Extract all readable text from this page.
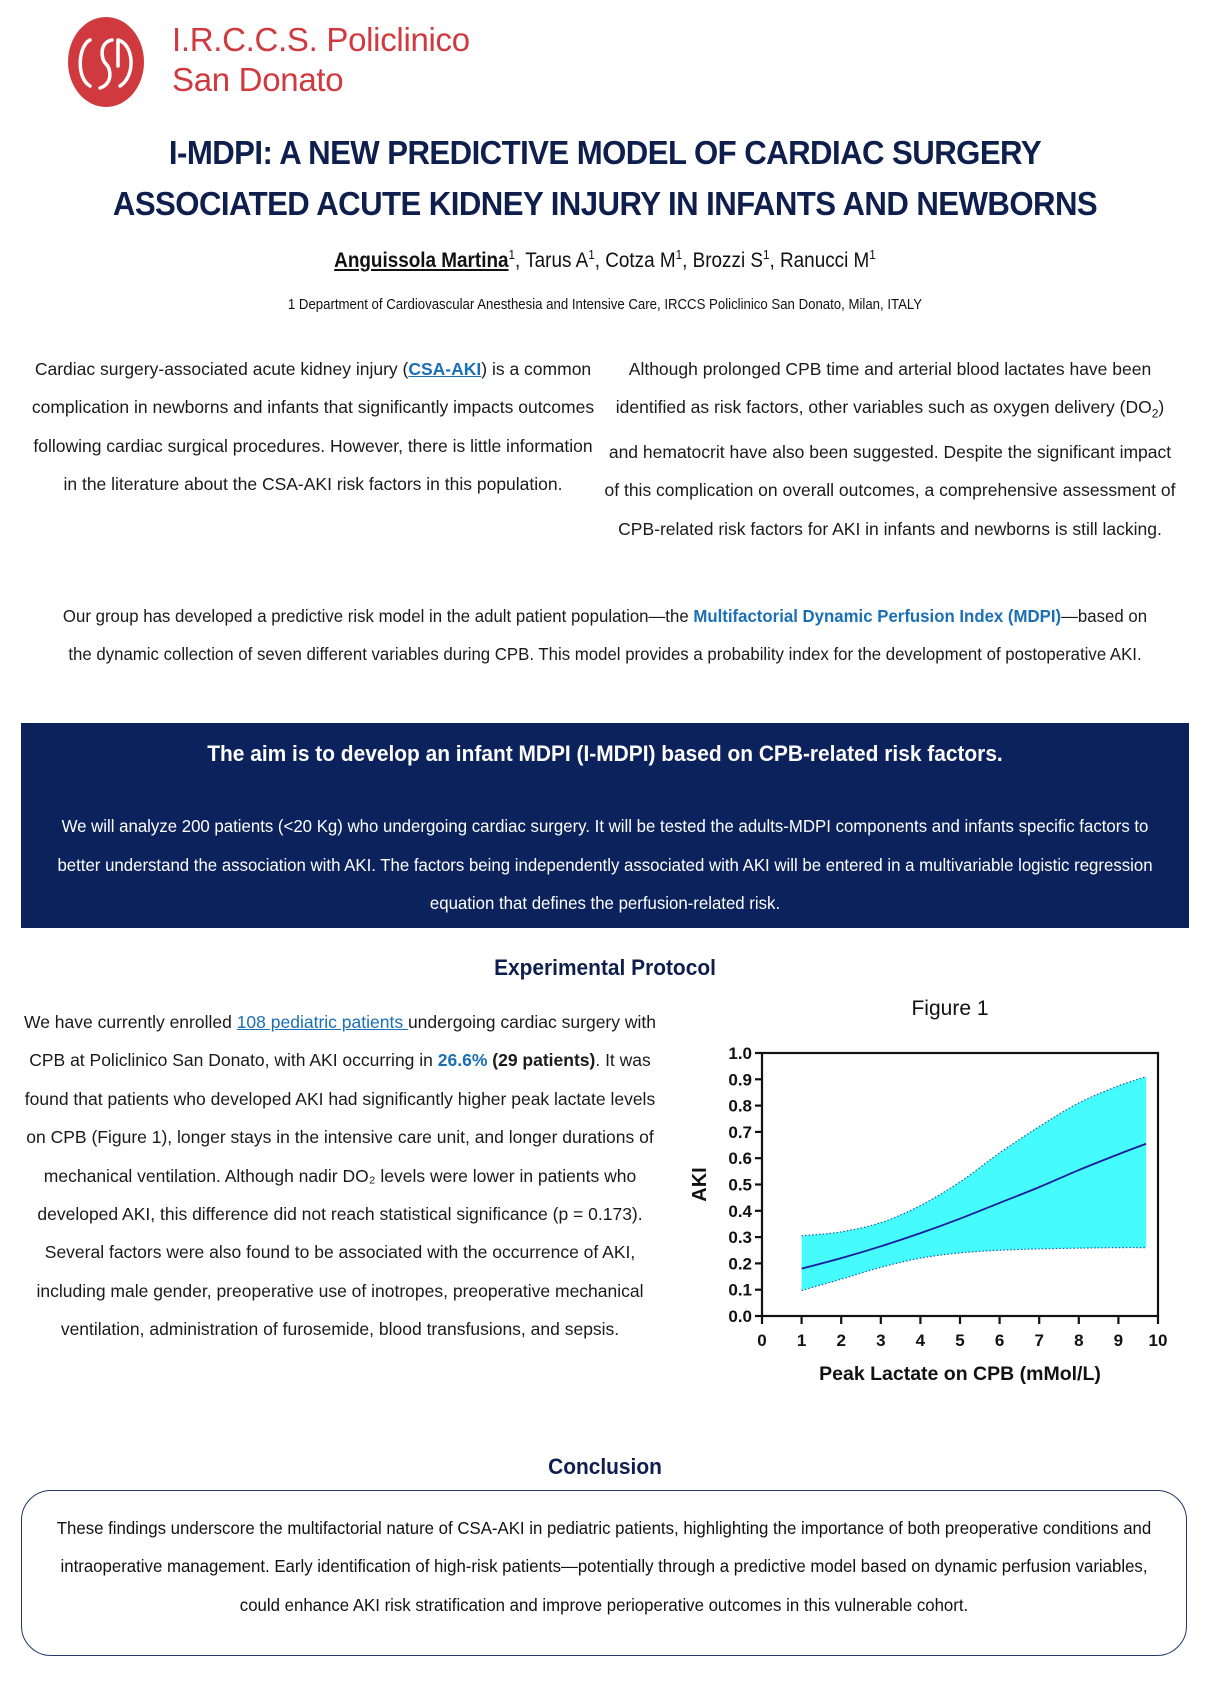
I.R.C.C.S. Policlinico
San Donato
I-MDPI: A NEW PREDICTIVE MODEL OF CARDIAC SURGERY
ASSOCIATED ACUTE KIDNEY INJURY IN INFANTS AND NEWBORNS
Anguissola Martina$^1$, Tarus $A^1$, Cotza $M^1$, Brozzi $S^1$, Ranucci $M^1$
1 Department of Cardiovascular Anesthesia and Intensive Care, IRCCS Policlinico San Donato, Milan, ITALY
Cardiac surgery-associated acute kidney injury (CSA-AKI) is a common complication in newborns and infants that significantly impacts outcomes following cardiac surgical procedures. However, there is little information in the literature about the CSA-AKI risk factors in this population.
Although prolonged CPB time and arterial blood lactates have been identified as risk factors, other variables such as oxygen delivery $(DO_2)$ and hematocrit have also been suggested. Despite the significant impact of this complication on overall outcomes, a comprehensive assessment of CPB-related risk factors for AKI in infants and newborns is still lacking.
Our group has developed a predictive risk model in the adult patient population—the Multifactorial Dynamic Perfusion Index (MDPI)—based on the dynamic collection of seven different variables during CPB. This model provides a probability index for the development of postoperative AKI.
The aim is to develop an infant MDPI (I-MDPI) based on CPB-related risk factors.
We will analyze 200 patients (<20 Kg) who undergoing cardiac surgery. It will be tested the adults-MDPI components and infants specific factors to better understand the association with AKI. The factors being independently associated with AKI will be entered in a multivariable logistic regression equation that defines the perfusion-related risk.
Experimental Protocol
We have currently enrolled 108 pediatric patients undergoing cardiac surgery with CPB at Policlinico San Donato, with AKI occurring in 26.6% (29 patients). It was found that patients who developed AKI had significantly higher peak lactate levels on CPB (Figure 1), longer stays in the intensive care unit, and longer durations of mechanical ventilation. Although nadir DO₂ levels were lower in patients who developed AKI, this difference did not reach statistical significance (p = 0.173). Several factors were also found to be associated with the occurrence of AKI, including male gender, preoperative use of inotropes, preoperative mechanical ventilation, administration of furosemide, blood transfusions, and sepsis.
Figure 1
0.0
0.1
0.2
0.3
0.4
0.5
0.6
0.7
0.8
0.9
1.0
0 1 2 3 4 5 6 7 8 9 10
Peak Lactate on CPB (mMol/L)
AKI
Conclusion
These findings underscore the multifactorial nature of CSA-AKI in pediatric patients, highlighting the importance of both preoperative conditions and intraoperative management. Early identification of high-risk patients—potentially through a predictive model based on dynamic perfusion variables, could enhance AKI risk stratification and improve perioperative outcomes in this vulnerable cohort.
